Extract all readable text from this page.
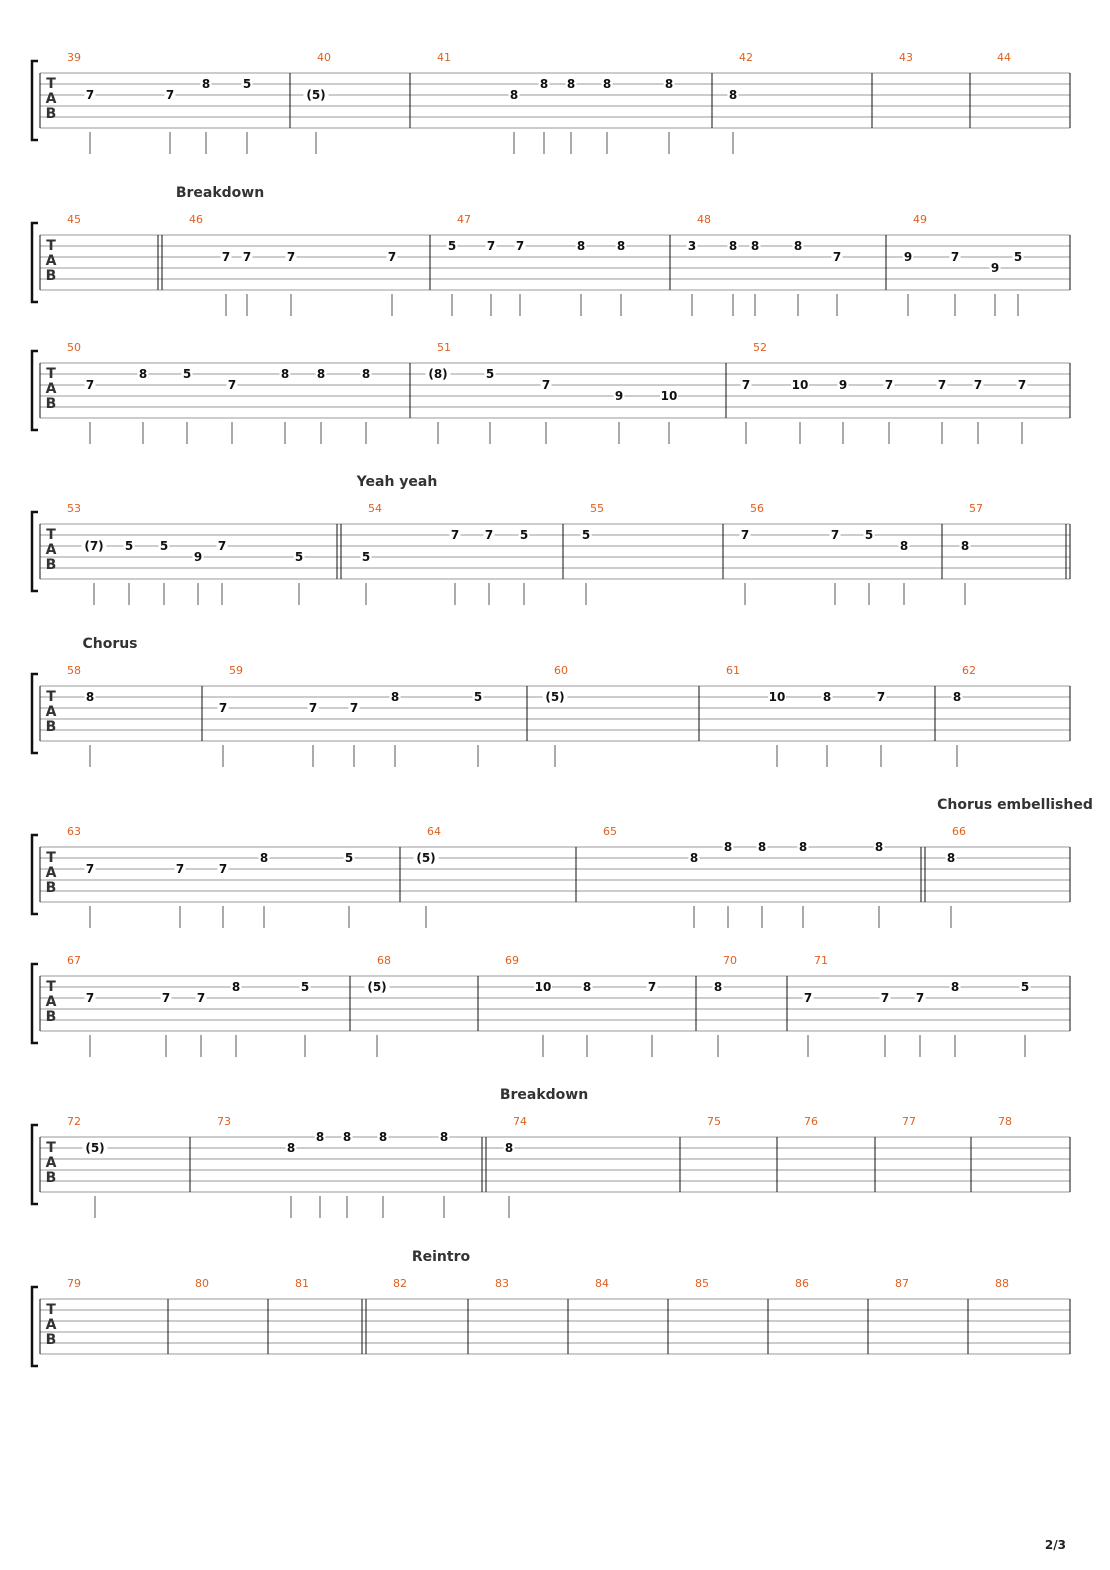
T
A
B
39
7	7
8	5
40
(5)
41
8
8 8 8	8
42
8
43	44
T
A
B
Breakdown
45	46
7 7	7	7
47
5	7 7	8	8
48
3	8 8	8
7
49
9	7
9
5
T
A
B
50
7
8	5
7
8 8	8
51
(8)	5
7
9	10
52
7	10	9	7	7 7	7
T
A
B
Yeah yeah
53
(7) 5 5
9
7
5
54
5
7 7 5
55
5
56
7	7 5
8
57
8
T
A
B
Chorus
58
8
59
7	7	7
8	5
60
(5)
61
10	8	7
62
8
T
A
B
Chorus embellished
63
7	7	7
8	5
64
(5)
65
8
8 8	8	8
66
8
T
A
B
67
7	7 7
8	5
68
(5)
69
10	8	7
70
8
71
7	7 7
8	5
T
A
B
Breakdown
72
(5)
73
8
8 8 8	8
74
8
75	76	77	78
T
A
B
Reintro
79	80	81	82	83	84	85	86	87	88
2/3
